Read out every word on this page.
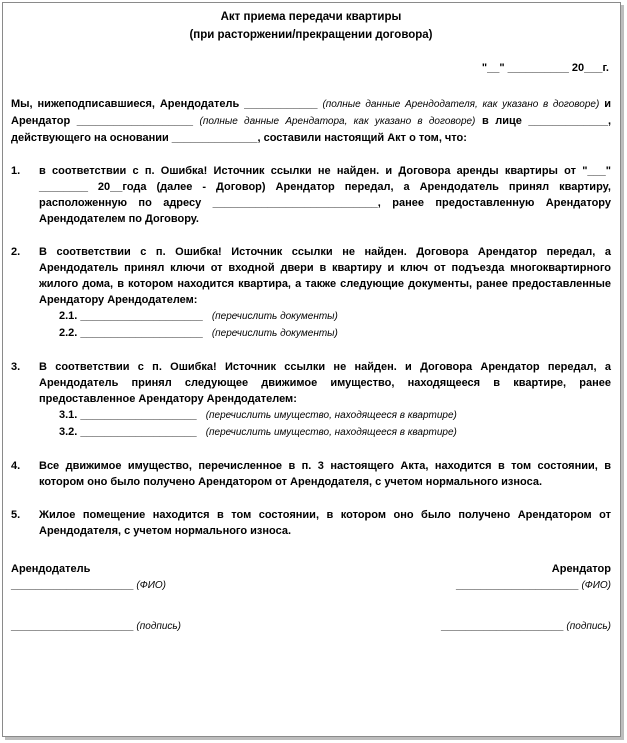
Акт приема передачи квартиры
(при расторжении/прекращении договора)
"__" __________ 20___г.
Мы, нижеподписавшиеся, Арендодатель ____________ (полные данные Арендодателя, как указано в договоре) и Арендатор ___________________ (полные данные Арендатора, как указано в договоре) в лице _____________, действующего на основании ______________, составили настоящий Акт о том, что:
1.	в соответствии с п. Ошибка! Источник ссылки не найден. и Договора аренды квартиры от "___" ________ 20__года (далее - Договор) Арендатор передал, а Арендодатель принял квартиру, расположенную по адресу ___________________________, ранее предоставленную Арендатору Арендодателем по Договору.
2.	В соответствии с п. Ошибка! Источник ссылки не найден. Договора Арендатор передал, а Арендодатель принял ключи от входной двери в квартиру и ключ от подъезда многоквартирного жилого дома, в котором находится квартира, а также следующие документы, ранее предоставленные Арендатору Арендодателем:
2.1. ____________________ (перечислить документы)
2.2. ____________________ (перечислить документы)
3.	В соответствии с п. Ошибка! Источник ссылки не найден. и Договора Арендатор передал, а Арендодатель принял следующее движимое имущество, находящееся в квартире, ранее предоставленное Арендатору Арендодателем:
3.1. ___________________ (перечислить имущество, находящееся в квартире)
3.2. ___________________ (перечислить имущество, находящееся в квартире)
4.	Все движимое имущество, перечисленное в п. 3 настоящего Акта, находится в том состоянии, в котором оно было получено Арендатором от Арендодателя, с учетом нормального износа.
5.	Жилое помещение находится в том состоянии, в котором оно было получено Арендатором от Арендодателя, с учетом нормального износа.
Арендодатель	Арендатор
____________________ (ФИО)	____________________ (ФИО)
____________________ (подпись)	____________________ (подпись)
